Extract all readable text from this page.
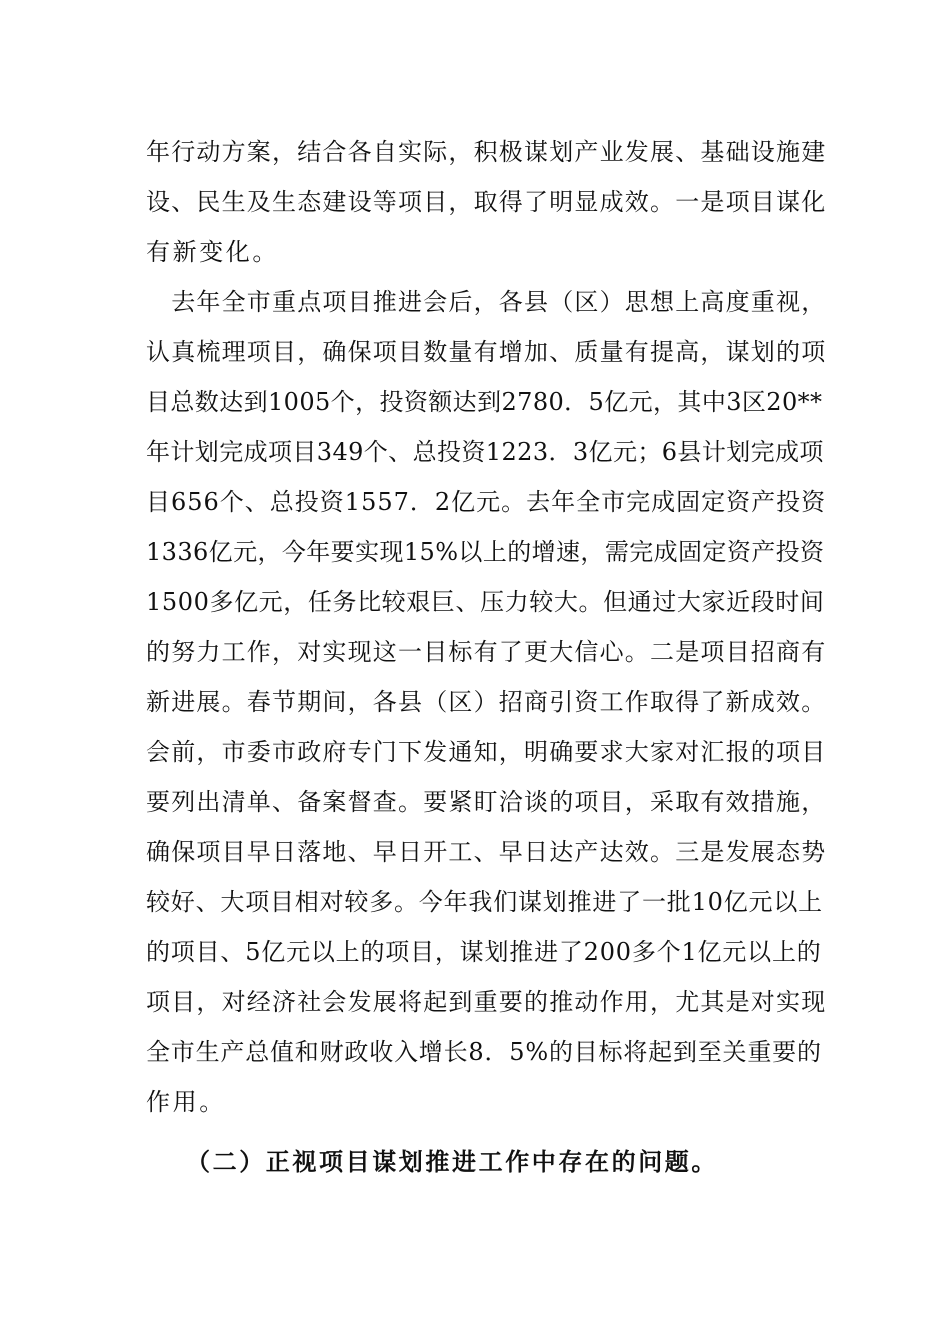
年行动方案，结合各自实际，积极谋划产业发展、基础设施建
设、民生及生态建设等项目，取得了明显成效。一是项目谋化
有新变化。
　去年全市重点项目推进会后，各县（区）思想上高度重视，
认真梳理项目，确保项目数量有增加、质量有提高，谋划的项
目总数达到1005个，投资额达到2780．5亿元，其中3区20**
年计划完成项目349个、总投资1223．3亿元；6县计划完成项
目656个、总投资1557．2亿元。去年全市完成固定资产投资
1336亿元，今年要实现15%以上的增速，需完成固定资产投资
1500多亿元，任务比较艰巨、压力较大。但通过大家近段时间
的努力工作，对实现这一目标有了更大信心。二是项目招商有
新进展。春节期间，各县（区）招商引资工作取得了新成效。
会前，市委市政府专门下发通知，明确要求大家对汇报的项目
要列出清单、备案督查。要紧盯洽谈的项目，采取有效措施，
确保项目早日落地、早日开工、早日达产达效。三是发展态势
较好、大项目相对较多。今年我们谋划推进了一批10亿元以上
的项目、5亿元以上的项目，谋划推进了200多个1亿元以上的
项目，对经济社会发展将起到重要的推动作用，尤其是对实现
全市生产总值和财政收入增长8．5%的目标将起到至关重要的
作用。
（二）正视项目谋划推进工作中存在的问题。
